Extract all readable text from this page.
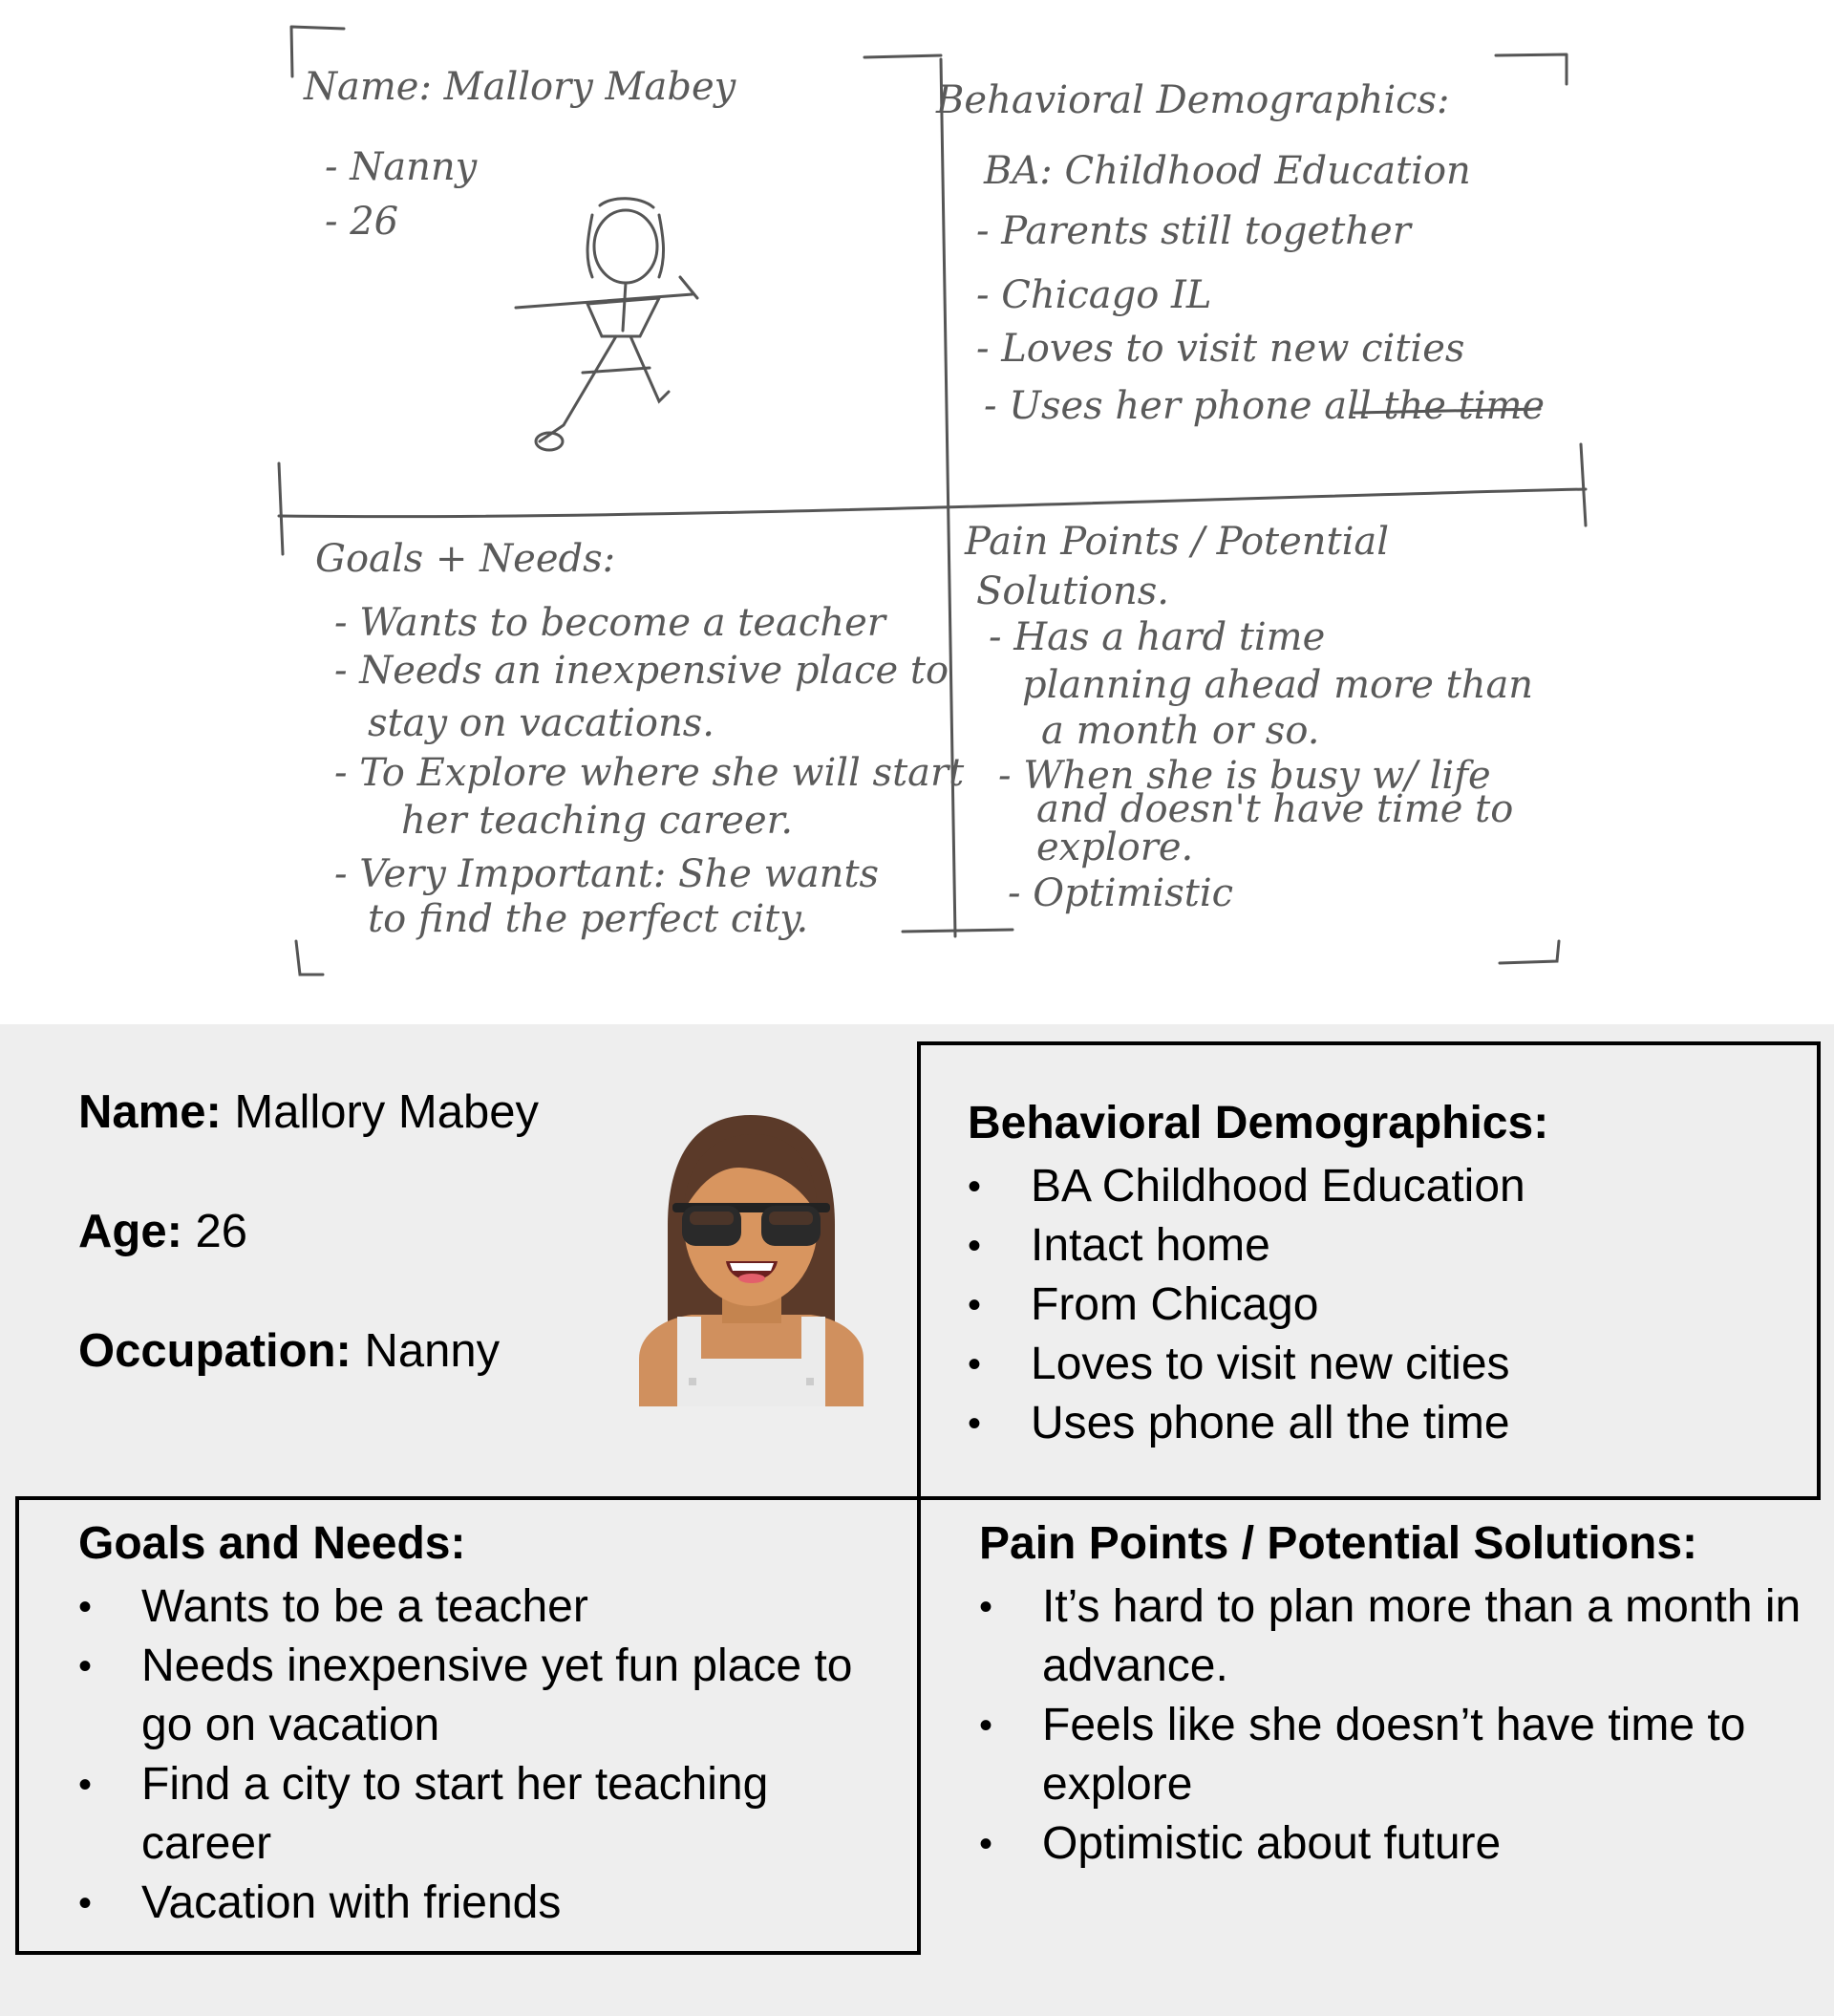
Name: Mallory Mabey
- Nanny
- 26
Behavioral Demographics:
BA: Childhood Education
- Parents still together
- Chicago IL
- Loves to visit new cities
- Uses her phone all the time
Goals + Needs:
- Wants to become a teacher
- Needs an inexpensive place to
stay on vacations.
- To Explore where she will start
her teaching career.
- Very Important: She wants
to find the perfect city.
Pain Points / Potential
Solutions.
- Has a hard time
planning ahead more than
a month or so.
- When she is busy w/ life
and doesn't have time to
explore.
- Optimistic
Name: Mallory Mabey
Age: 26
Occupation: Nanny
Behavioral Demographics:
• BA Childhood Education
• Intact home
• From Chicago
• Loves to visit new cities
• Uses phone all the time
Goals and Needs:
• Wants to be a teacher
• Needs inexpensive yet fun place to go on vacation
• Find a city to start her teaching career
• Vacation with friends
Pain Points / Potential Solutions:
• It’s hard to plan more than a month in advance.
• Feels like she doesn’t have time to explore
• Optimistic about future
